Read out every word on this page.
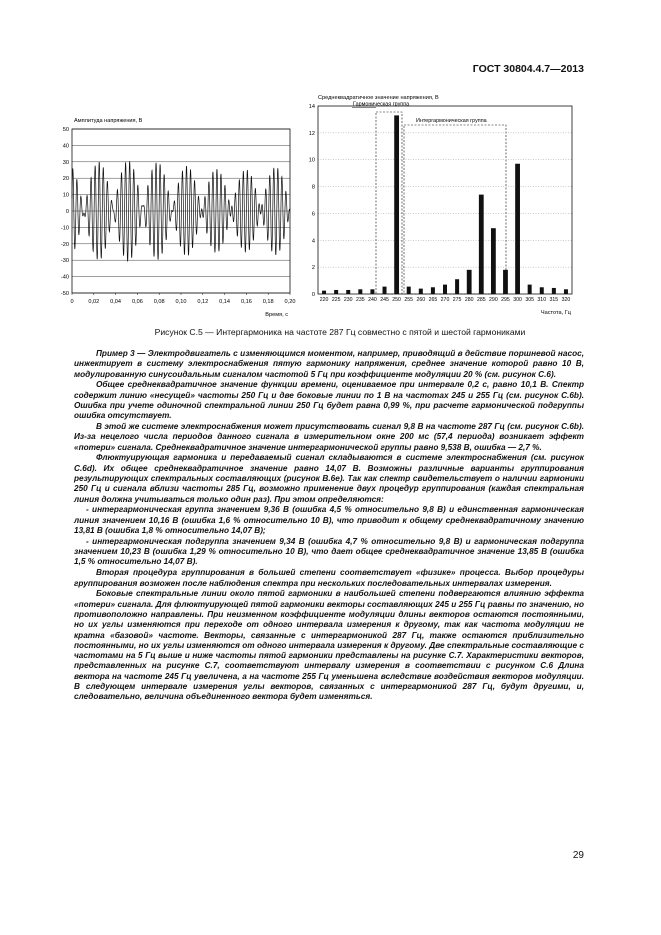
ГОСТ 30804.4.7—2013
Амплитуда напряжения, В
50
40
30
20
10
0
-10
-20
-30
-40
-50
0	0,02 0,04 0,06 0,08 0,10 0,12 0,14 0,16 0,18 0,20
Время, с
Среднеквадратичное значение напряжения, В
14
12
10
8
6
4
2
0
220 225 230 235 240 245 250 255 260 265 270 275 280 285 290 295 300 305 310 315 320
Гармоническая группа
Интергармоническая группа
Частота, Гц
Рисунок С.5 — Интергармоника на частоте 287 Гц совместно с пятой и шестой гармониками

Пример 3 — Электродвигатель с изменяющимся моментом, например, приводящий в действие поршневой насос, инжектирует в систему электроснабжения пятую гармонику напряжения, среднее значение которой равно 10 В, модулированную синусоидальным сигналом частотой 5 Гц при коэффициенте модуляции 20 % (см. рисунок С.6).

Общее среднеквадратичное значение функции времени, оцениваемое при интервале 0,2 с, равно 10,1 В. Спектр содержит линию «несущей» частоты 250 Гц и две боковые линии по 1 В на частотах 245 и 255 Гц (см. рисунок С.6b). Ошибка при учете одиночной спектральной линии 250 Гц будет равна 0,99 %, при расчете гармонической подгруппы ошибка отсутствует.

В этой же системе электроснабжения может присутствовать сигнал 9,8 В на частоте 287 Гц (см. рисунок С.6b). Из-за нецелого числа периодов данного сигнала в измерительном окне 200 мс (57,4 периода) возникает эффект «потери» сигнала. Среднеквадратичное значение интергармонической группы равно 9,538 В, ошибка — 2,7 %.

Флюктуирующая гармоника и передаваемый сигнал складываются в системе электроснабжения (см. рисунок С.6d). Их общее среднеквадратичное значение равно 14,07 В. Возможны различные варианты группирования результирующих спектральных составляющих (рисунок В.6е). Так как спектр свидетельствует о наличии гармоники 250 Гц и сигнала вблизи частоты 285 Гц, возможно применение двух процедур группирования (каждая спектральная линия должна учитываться только один раз). При этом определяются:

- интергармоническая группа значением 9,36 В (ошибка 4,5 % относительно 9,8 В) и единственная гармоническая линия значением 10,16 В (ошибка 1,6 % относительно 10 В), что приводит к общему среднеквадратичному значению 13,81 В (ошибка 1,8 % относительно 14,07 В);

- интергармоническая подгруппа значением 9,34 В (ошибка 4,7 % относительно 9,8 В) и гармоническая подгруппа значением 10,23 В (ошибка 1,29 % относительно 10 В), что дает общее среднеквадратичное значение 13,85 В (ошибка 1,5 % относительно 14,07 В).

Вторая процедура группирования в большей степени соответствует «физике» процесса. Выбор процедуры группирования возможен после наблюдения спектра при нескольких последовательных интервалах измерения.

Боковые спектральные линии около пятой гармоники в наибольшей степени подвергаются влиянию эффекта «потери» сигнала. Для флюктуирующей пятой гармоники векторы составляющих 245 и 255 Гц равны по значению, но противоположно направлены. При неизменном коэффициенте модуляции длины векторов остаются постоянными, но их углы изменяются при переходе от одного интервала измерения к другому, так как частота модуляции не кратна «базовой» частоте. Векторы, связанные с интергармоникой 287 Гц, также остаются приблизительно постоянными, но их углы изменяются от одного интервала измерения к другому. Две спектральные составляющие с частотами на 5 Гц выше и ниже частоты пятой гармоники представлены на рисунке С.7. Характеристики векторов, представленных на рисунке С.7, соответствуют интервалу измерения в соответствии с рисунком С.6 Длина вектора на частоте 245 Гц увеличена, а на частоте 255 Гц уменьшена вследствие воздействия векторов модуляции. В следующем интервале измерения углы векторов, связанных с интергармоникой 287 Гц, будут другими, и, следовательно, величина объединенного вектора будет изменяться.

29
